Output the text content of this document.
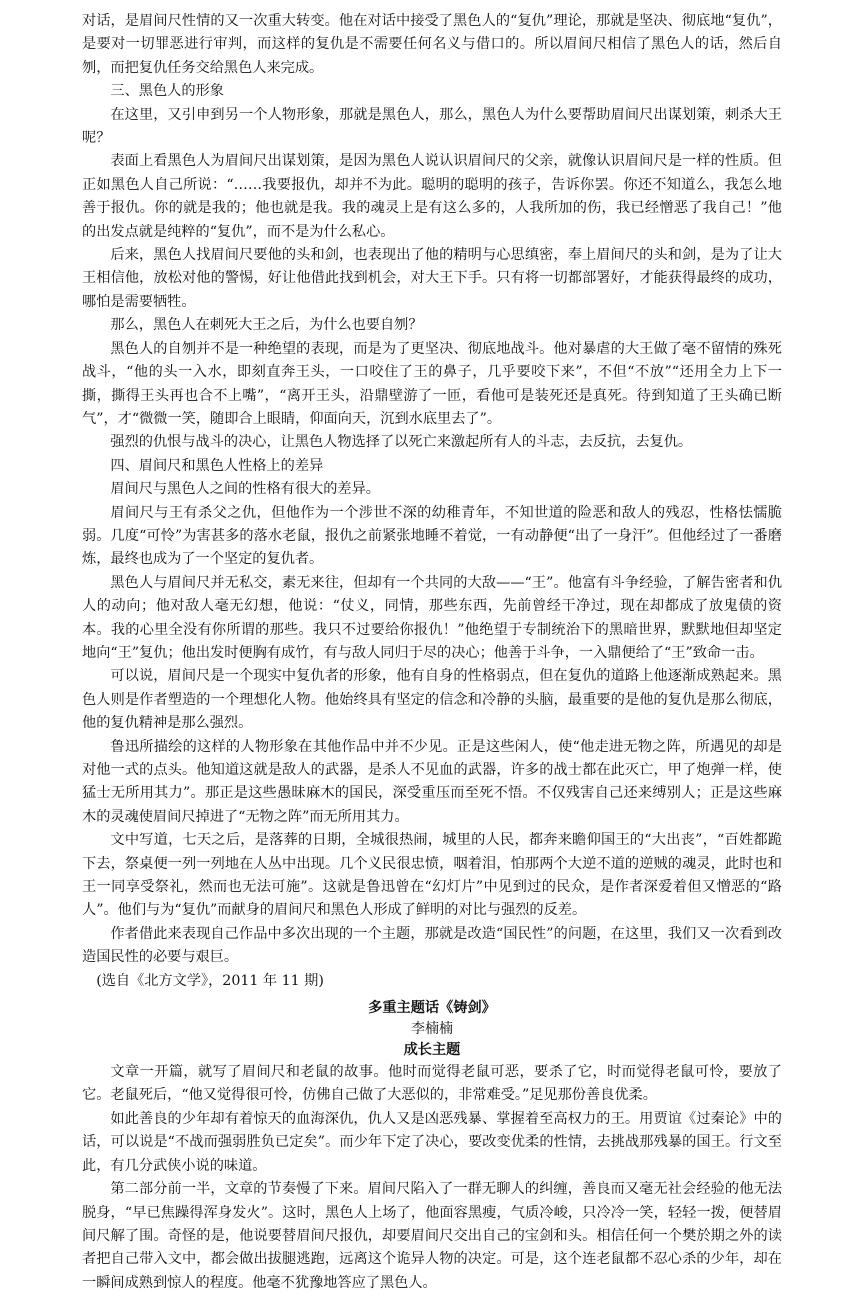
对话，是眉间尺性情的又一次重大转变。他在对话中接受了黑色人的“复仇”理论，那就是坚决、彻底地“复仇”，是要对一切罪恶进行审判，而这样的复仇是不需要任何名义与借口的。所以眉间尺相信了黑色人的话，然后自刎，而把复仇任务交给黑色人来完成。

三、黑色人的形象

在这里，又引申到另一个人物形象，那就是黑色人，那么，黑色人为什么要帮助眉间尺出谋划策，刺杀大王呢？

表面上看黑色人为眉间尺出谋划策，是因为黑色人说认识眉间尺的父亲，就像认识眉间尺是一样的性质。但正如黑色人自己所说：“……我要报仇，却并不为此。聪明的聪明的孩子，告诉你罢。你还不知道么，我怎么地善于报仇。你的就是我的；他也就是我。我的魂灵上是有这么多的，人我所加的伤，我已经憎恶了我自己！”他的出发点就是纯粹的“复仇”，而不是为什么私心。

后来，黑色人找眉间尺要他的头和剑，也表现出了他的精明与心思缜密，奉上眉间尺的头和剑，是为了让大王相信他，放松对他的警惕，好让他借此找到机会，对大王下手。只有将一切都部署好，才能获得最终的成功，哪怕是需要牺牲。

那么，黑色人在刺死大王之后，为什么也要自刎？

黑色人的自刎并不是一种绝望的表现，而是为了更坚决、彻底地战斗。他对暴虐的大王做了毫不留情的殊死战斗，“他的头一入水，即刻直奔王头，一口咬住了王的鼻子，几乎要咬下来”，不但“不放”“还用全力上下一撕，撕得王头再也合不上嘴”，“离开王头，沿鼎壁游了一匝，看他可是装死还是真死。待到知道了王头确已断气”，才“微微一笑，随即合上眼睛，仰面向天，沉到水底里去了”。

强烈的仇恨与战斗的决心，让黑色人物选择了以死亡来激起所有人的斗志，去反抗，去复仇。

四、眉间尺和黑色人性格上的差异

眉间尺与黑色人之间的性格有很大的差异。

眉间尺与王有杀父之仇，但他作为一个涉世不深的幼稚青年，不知世道的险恶和敌人的残忍，性格怯懦脆弱。几度“可怜”为害甚多的落水老鼠，报仇之前紧张地睡不着觉，一有动静便“出了一身汗”。但他经过了一番磨炼，最终也成为了一个坚定的复仇者。

黑色人与眉间尺并无私交，素无来往，但却有一个共同的大敌——“王”。他富有斗争经验，了解告密者和仇人的动向；他对敌人毫无幻想，他说：“仗义，同情，那些东西，先前曾经干净过，现在却都成了放鬼债的资本。我的心里全没有你所谓的那些。我只不过要给你报仇！”他绝望于专制统治下的黑暗世界，默默地但却坚定地向“王”复仇；他出发时便胸有成竹，有与敌人同归于尽的决心；他善于斗争，一入鼎便给了“王”致命一击。

可以说，眉间尺是一个现实中复仇者的形象，他有自身的性格弱点，但在复仇的道路上他逐渐成熟起来。黑色人则是作者塑造的一个理想化人物。他始终具有坚定的信念和冷静的头脑，最重要的是他的复仇是那么彻底，他的复仇精神是那么强烈。

鲁迅所描绘的这样的人物形象在其他作品中并不少见。正是这些闲人，使“他走进无物之阵，所遇见的却是对他一式的点头。他知道这就是敌人的武器，是杀人不见血的武器，许多的战士都在此灭亡，甲了炮弹一样，使猛士无所用其力”。那正是这些愚昧麻木的国民，深受重压而至死不悟。不仅残害自己还来缚别人；正是这些麻木的灵魂使眉间尺掉进了“无物之阵”而无所用其力。

文中写道，七天之后，是落葬的日期，全城很热闹，城里的人民，都奔来瞻仰国王的“大出丧”，“百姓都跪下去，祭桌便一列一列地在人丛中出现。几个义民很忠愤，咽着泪，怕那两个大逆不道的逆贼的魂灵，此时也和王一同享受祭礼，然而也无法可施”。这就是鲁迅曾在“幻灯片”中见到过的民众，是作者深爱着但又憎恶的“路人”。他们与为“复仇”而献身的眉间尺和黑色人形成了鲜明的对比与强烈的反差。

作者借此来表现自己作品中多次出现的一个主题，那就是改造“国民性”的问题，在这里，我们又一次看到改造国民性的必要与艰巨。

(选自《北方文学》，2011 年 11 期)

多重主题话《铸剑》

李楠楠

成长主题

文章一开篇，就写了眉间尺和老鼠的故事。他时而觉得老鼠可恶，要杀了它，时而觉得老鼠可怜，要放了它。老鼠死后，“他又觉得很可怜，仿佛自己做了大恶似的，非常难受。”足见那份善良优柔。

如此善良的少年却有着惊天的血海深仇，仇人又是凶恶残暴、掌握着至高权力的王。用贾谊《过秦论》中的话，可以说是“不战而强弱胜负已定矣”。而少年下定了决心，要改变优柔的性情，去挑战那残暴的国王。行文至此，有几分武侠小说的味道。

第二部分前一半，文章的节奏慢了下来。眉间尺陷入了一群无聊人的纠缠，善良而又毫无社会经验的他无法脱身，“早已焦躁得浑身发火”。这时，黑色人上场了，他面容黑瘦，气质冷峻，只冷冷一笑，轻轻一拨，便替眉间尺解了围。奇怪的是，他说要替眉间尺报仇，却要眉间尺交出自己的宝剑和头。相信任何一个樊於期之外的读者把自己带入文中，都会做出拔腿逃跑，远离这个诡异人物的决定。可是，这个连老鼠都不忍心杀的少年，却在一瞬间成熟到惊人的程度。他毫不犹豫地答应了黑色人。
